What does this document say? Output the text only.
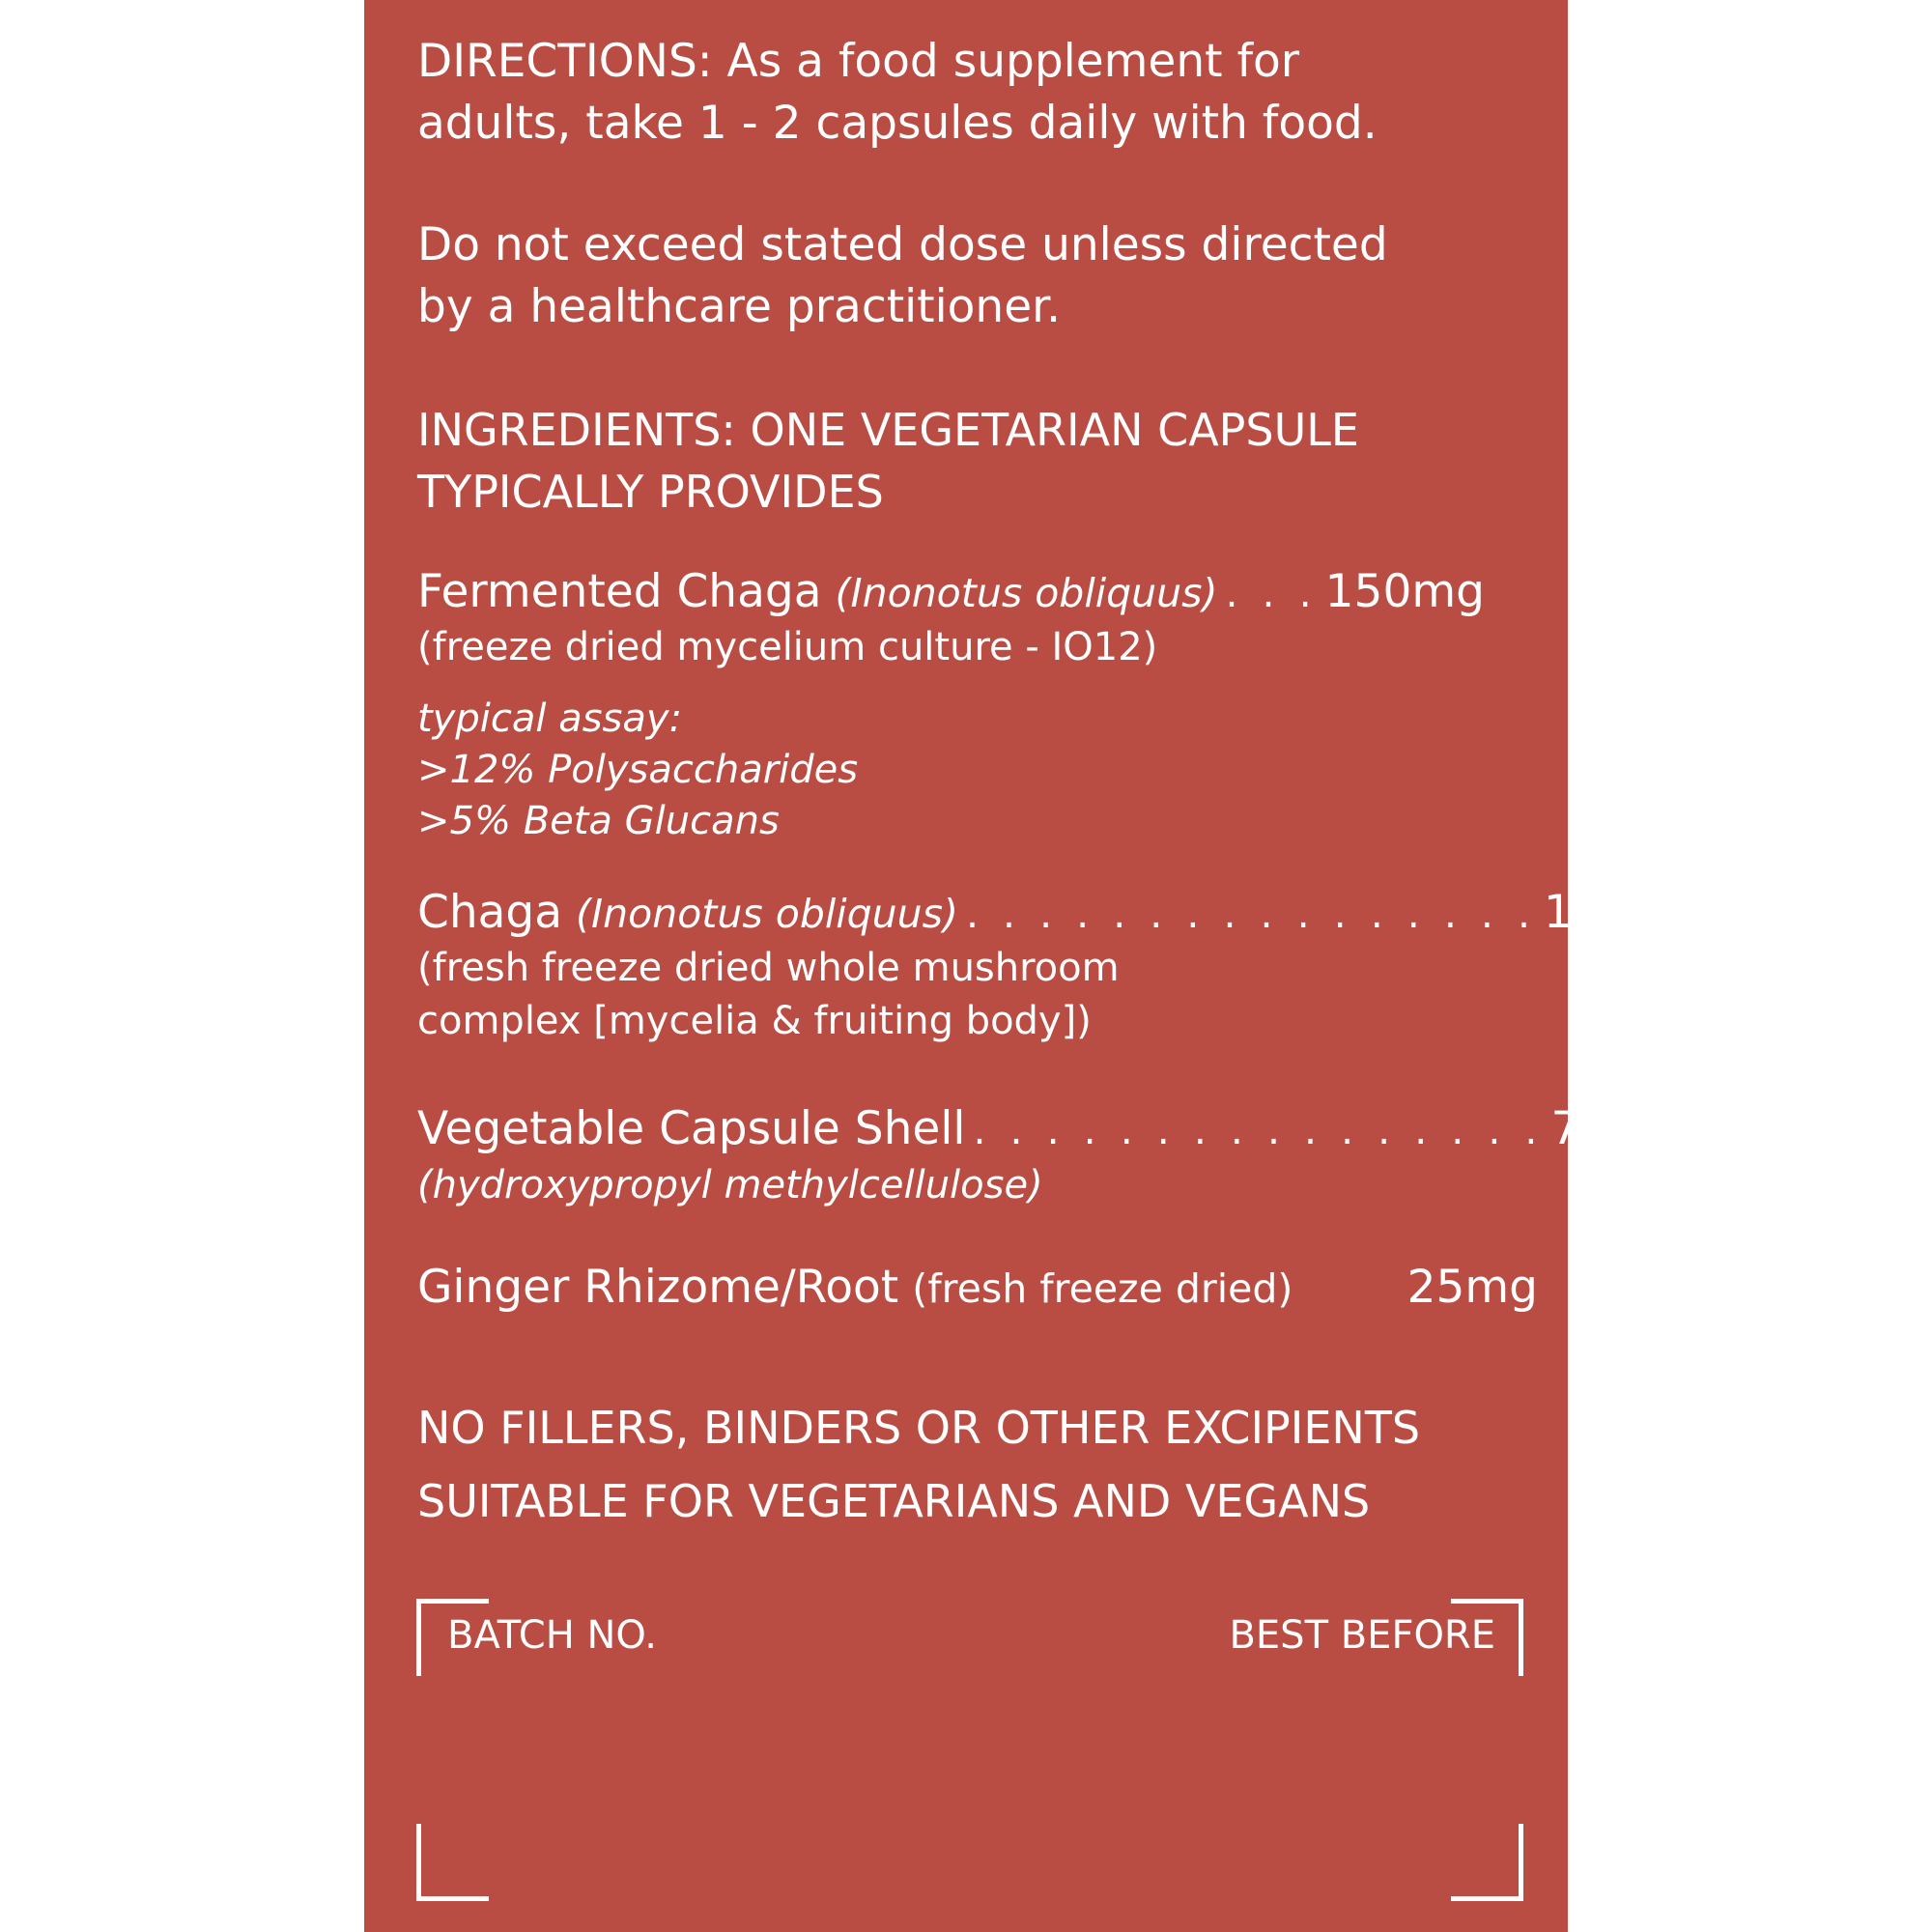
DIRECTIONS: As a food supplement for
adults, take 1 - 2 capsules daily with food.
Do not exceed stated dose unless directed
by a healthcare practitioner.
INGREDIENTS: ONE VEGETARIAN CAPSULE
TYPICALLY PROVIDES
Fermented Chaga (Inonotus obliquus) . . . 150mg
(freeze dried mycelium culture - IO12)
typical assay:
>12% Polysaccharides
>5% Beta Glucans
Chaga (Inonotus obliquus) . . . . . . . . . . . . . . . . 100mg
(fresh freeze dried whole mushroom
complex [mycelia & fruiting body])
Vegetable Capsule Shell . . . . . . . . . . . . . . . . 75mg
(hydroxypropyl methylcellulose)
Ginger Rhizome/Root (fresh freeze dried)	25mg
NO FILLERS, BINDERS OR OTHER EXCIPIENTS
SUITABLE FOR VEGETARIANS AND VEGANS
BATCH NO.	BEST BEFORE
